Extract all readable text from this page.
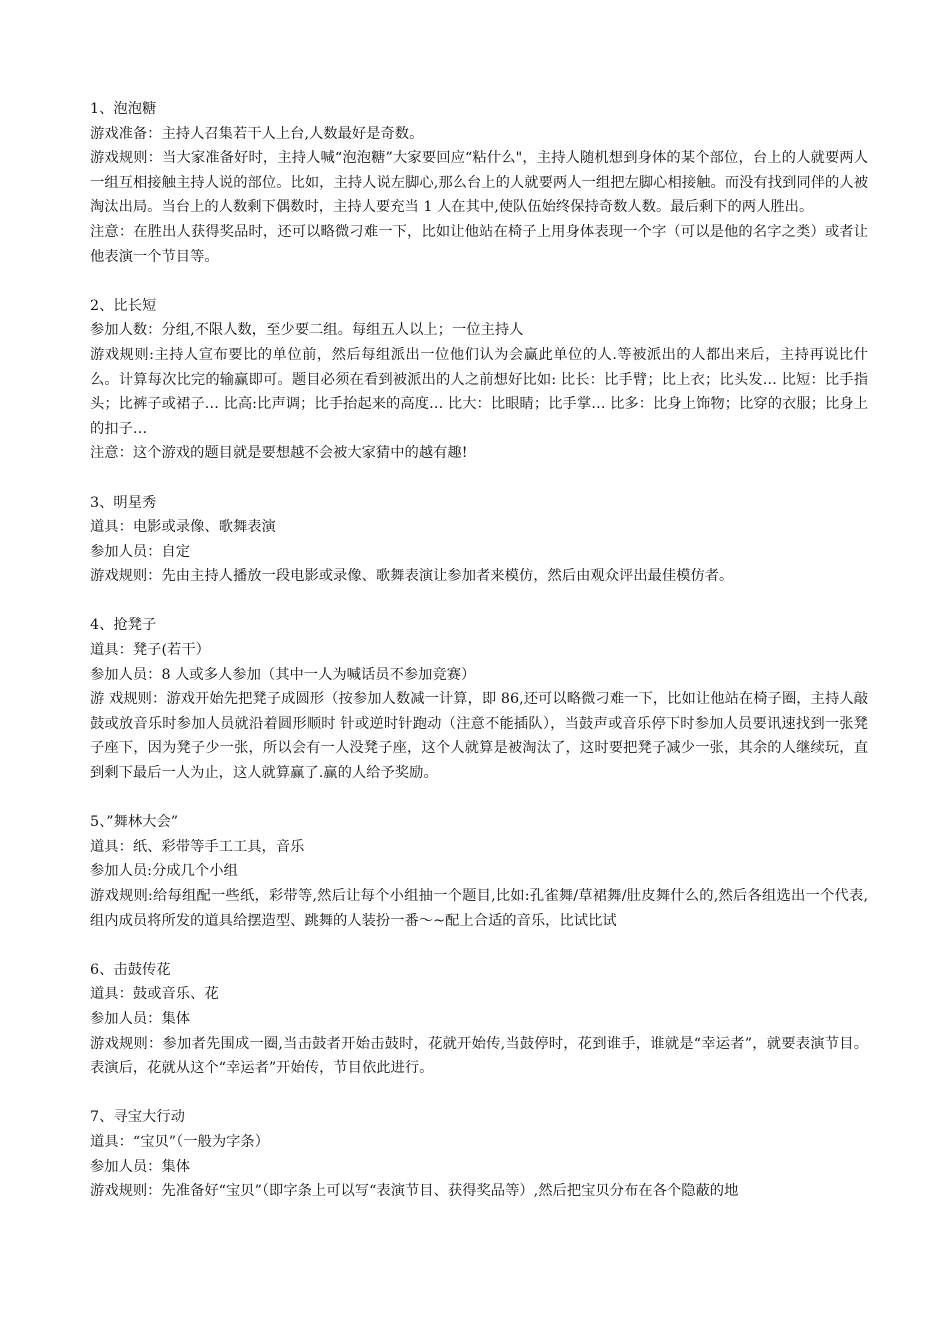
1、泡泡糖

游戏准备：主持人召集若干人上台,人数最好是奇数。

游戏规则：当大家准备好时，主持人喊“泡泡糖”大家要回应“粘什么"，主持人随机想到身体的某个部位，台上的人就要两人一组互相接触主持人说的部位。比如，主持人说左脚心,那么台上的人就要两人一组把左脚心相接触。而没有找到同伴的人被淘汰出局。当台上的人数剩下偶数时，主持人要充当 1 人在其中,使队伍始终保持奇数人数。最后剩下的两人胜出。

注意：在胜出人获得奖品时，还可以略微刁难一下，比如让他站在椅子上用身体表现一个字（可以是他的名字之类）或者让他表演一个节目等。

2、比长短

参加人数：分组,不限人数，至少要二组。每组五人以上；一位主持人

游戏规则:主持人宣布要比的单位前，然后每组派出一位他们认为会赢此单位的人.等被派出的人都出来后，主持再说比什么。计算每次比完的输赢即可。题目必须在看到被派出的人之前想好比如: 比长：比手臂；比上衣；比头发… 比短：比手指头；比裤子或裙子… 比高:比声调；比手抬起来的高度… 比大：比眼睛；比手掌… 比多：比身上饰物；比穿的衣服；比身上的扣子…

注意：这个游戏的题目就是要想越不会被大家猜中的越有趣!

3、明星秀

道具：电影或录像、歌舞表演

参加人员：自定

游戏规则：先由主持人播放一段电影或录像、歌舞表演让参加者来模仿，然后由观众评出最佳模仿者。

4、抢凳子

道具：凳子(若干）

参加人员：8 人或多人参加（其中一人为喊话员不参加竞赛）

游 戏规则：游戏开始先把凳子成圆形（按参加人数减一计算，即 86,还可以略微刁难一下，比如让他站在椅子圈，主持人敲鼓或放音乐时参加人员就沿着圆形顺时 针或逆时针跑动（注意不能插队），当鼓声或音乐停下时参加人员要讯速找到一张凳子座下，因为凳子少一张，所以会有一人没凳子座，这个人就算是被淘汰了，这时要把凳子减少一张，其余的人继续玩，直到剩下最后一人为止，这人就算赢了.赢的人给予奖励。

5、”舞林大会”

道具：纸、彩带等手工工具，音乐

参加人员:分成几个小组

游戏规则:给每组配一些纸，彩带等,然后让每个小组抽一个题目,比如:孔雀舞/草裙舞/肚皮舞什么的,然后各组选出一个代表,组内成员将所发的道具给摆造型、跳舞的人装扮一番～~配上合适的音乐，比试比试

6、击鼓传花

道具：鼓或音乐、花

参加人员：集体

游戏规则：参加者先围成一圈,当击鼓者开始击鼓时，花就开始传,当鼓停时，花到谁手，谁就是“幸运者”，就要表演节目。表演后，花就从这个“幸运者”开始传，节目依此进行。

7、寻宝大行动

道具：“宝贝”（一般为字条）

参加人员：集体

游戏规则：先准备好“宝贝”（即字条上可以写“表演节目、获得奖品等）,然后把宝贝分布在各个隐蔽的地
